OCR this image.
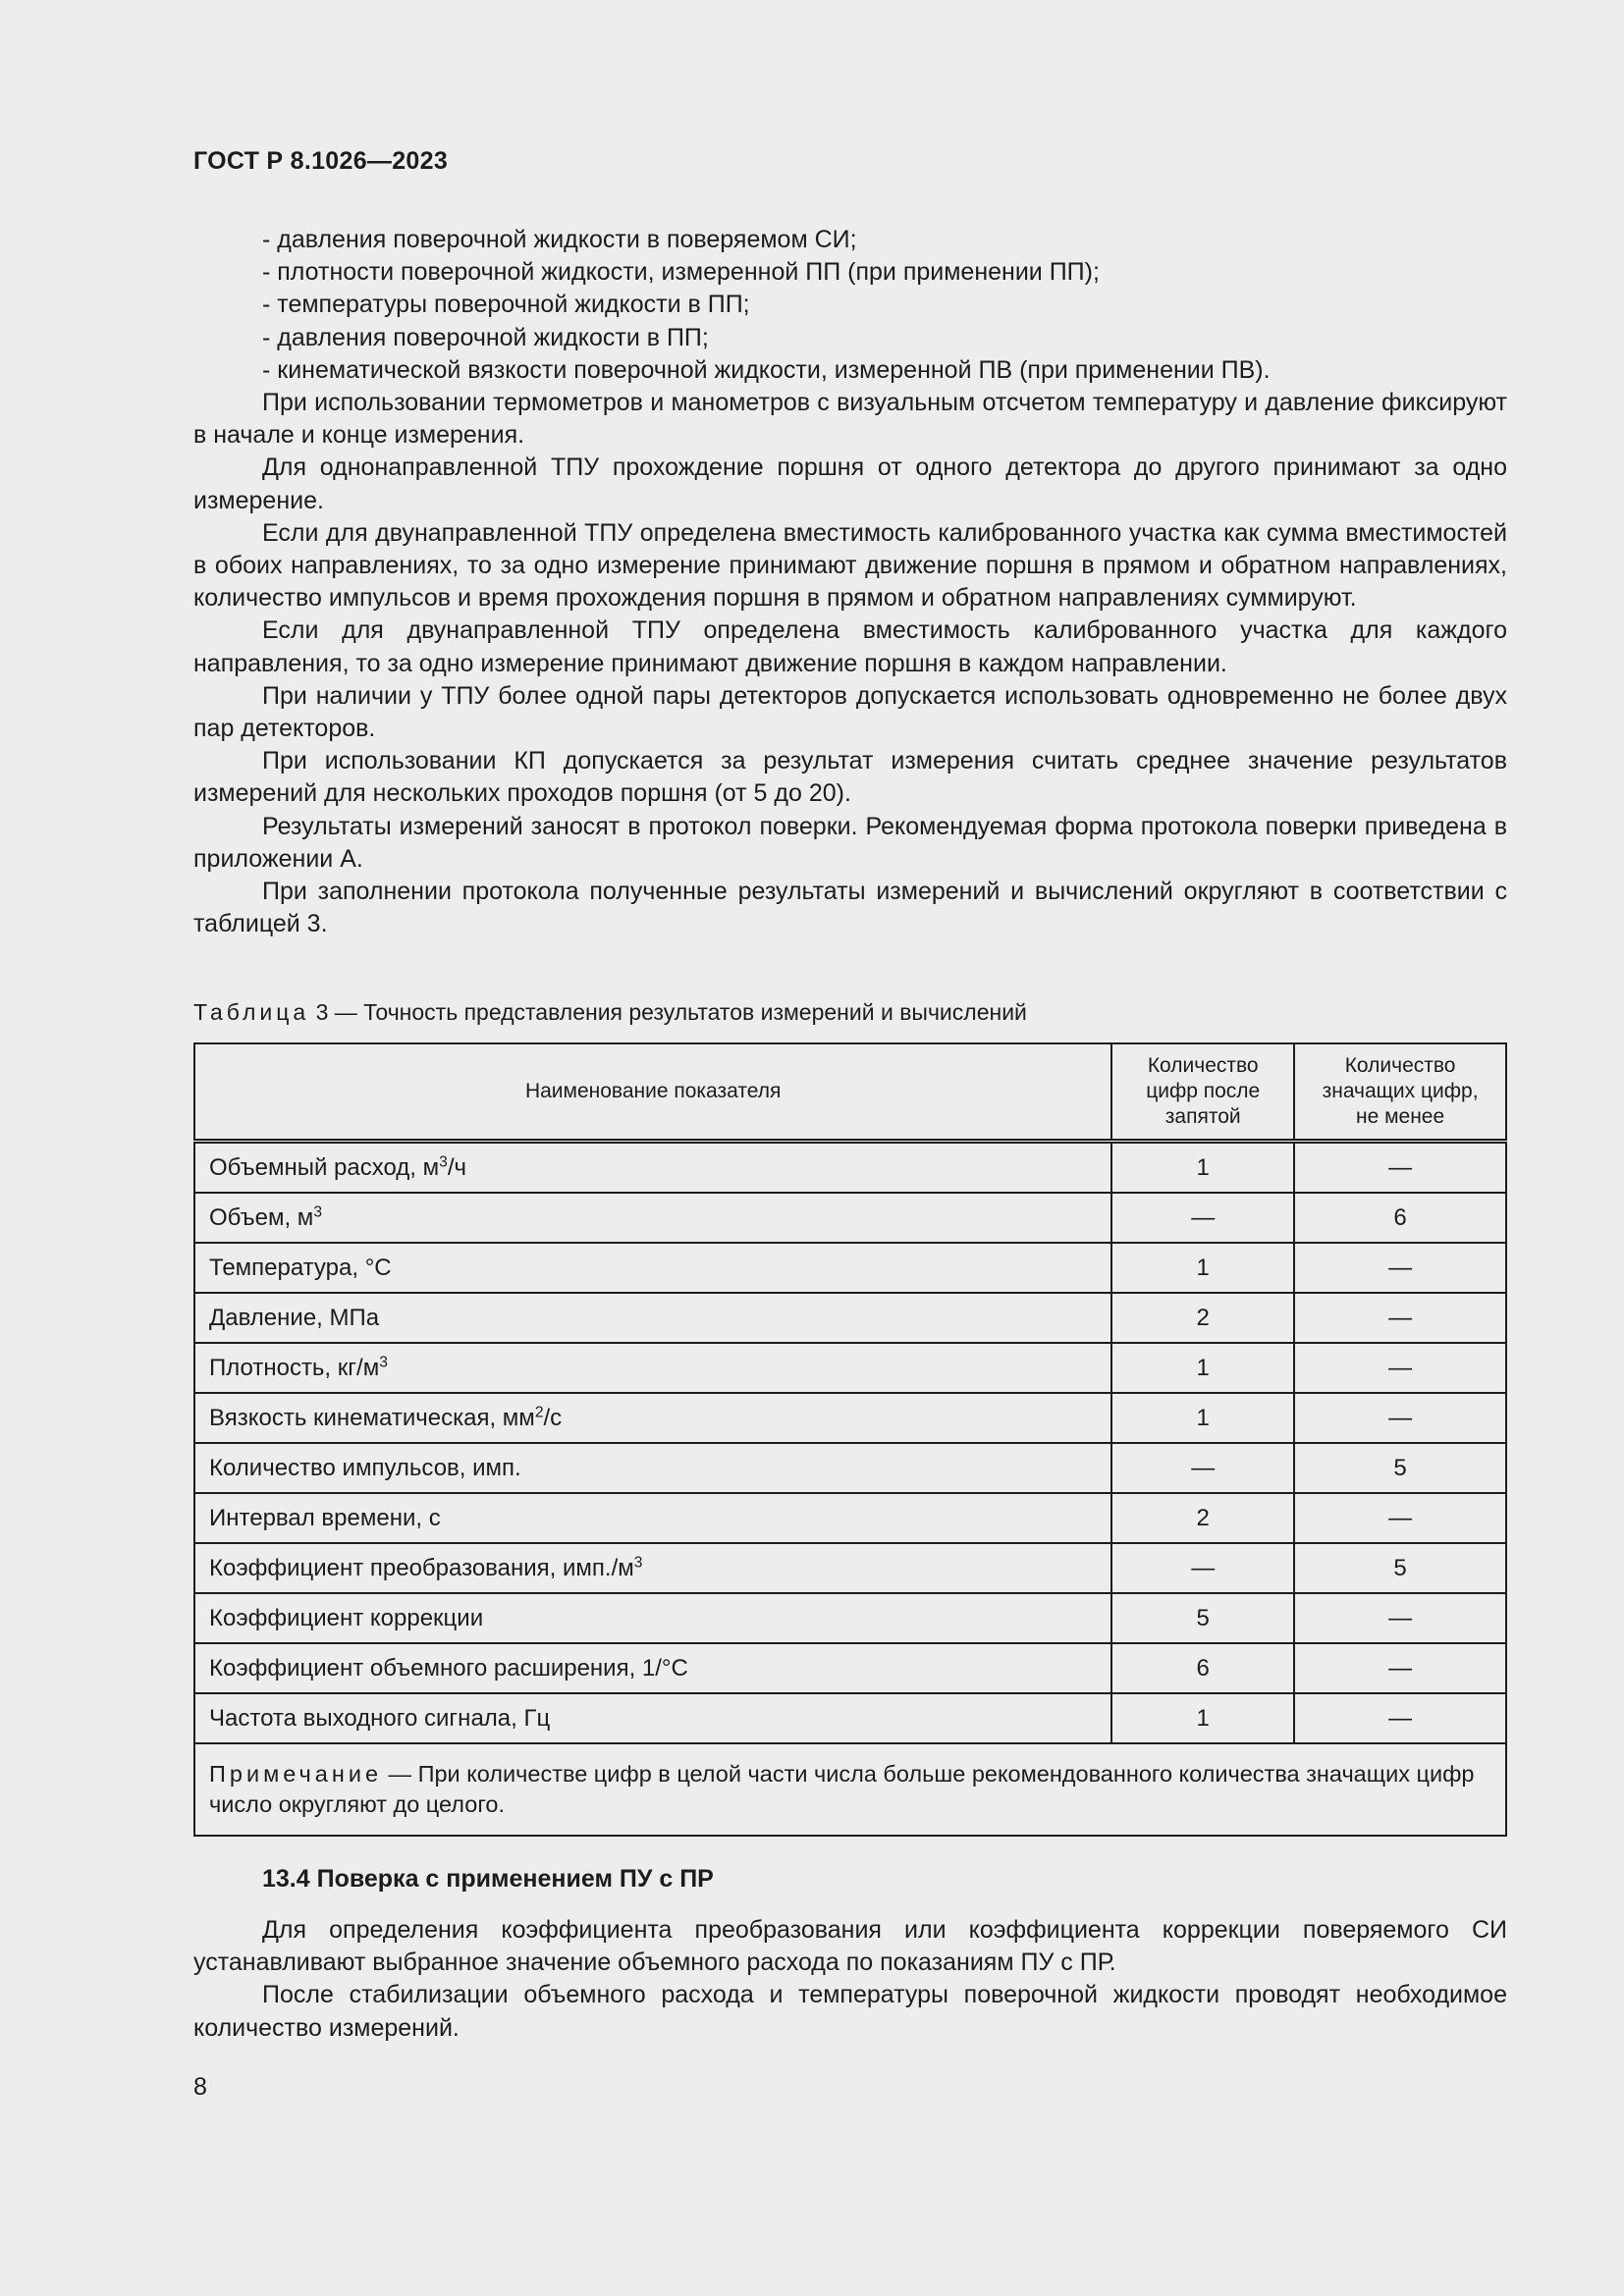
ГОСТ Р 8.1026—2023

- давления поверочной жидкости в поверяемом СИ;

- плотности поверочной жидкости, измеренной ПП (при применении ПП);

- температуры поверочной жидкости в ПП;

- давления поверочной жидкости в ПП;

- кинематической вязкости поверочной жидкости, измеренной ПВ (при применении ПВ).

При использовании термометров и манометров с визуальным отсчетом температуру и давление фиксируют в начале и конце измерения.

Для однонаправленной ТПУ прохождение поршня от одного детектора до другого принимают за одно измерение.

Если для двунаправленной ТПУ определена вместимость калиброванного участка как сумма вместимостей в обоих направлениях, то за одно измерение принимают движение поршня в прямом и обратном направлениях, количество импульсов и время прохождения поршня в прямом и обратном направлениях суммируют.

Если для двунаправленной ТПУ определена вместимость калиброванного участка для каждого направления, то за одно измерение принимают движение поршня в каждом направлении.

При наличии у ТПУ более одной пары детекторов допускается использовать одновременно не более двух пар детекторов.

При использовании КП допускается за результат измерения считать среднее значение результатов измерений для нескольких проходов поршня (от 5 до 20).

Результаты измерений заносят в протокол поверки. Рекомендуемая форма протокола поверки приведена в приложении А.

При заполнении протокола полученные результаты измерений и вычислений округляют в соответствии с таблицей 3.

Таблица 3 — Точность представления результатов измерений и вычислений
Наименование показателя	Количество цифр после запятой	Количество значащих цифр, не менее
Объемный расход, $м^3/ч$	1	—
Объем, $м^3$	—	6
Температура, °С	1	—
Давление, МПа	2	—
Плотность, $кг/м^3$	1	—
Вязкость кинематическая, $мм^2/с$	1	—
Количество импульсов, имп.	—	5
Интервал времени, с	2	—
Коэффициент преобразования, $имп./м^3$	—	5
Коэффициент коррекции	5	—
Коэффициент объемного расширения, 1/°С	6	—
Частота выходного сигнала, Гц	1	—
Примечание — При количестве цифр в целой части числа больше рекомендованного количества значащих цифр число округляют до целого.		
13.4 Поверка с применением ПУ с ПР

Для определения коэффициента преобразования или коэффициента коррекции поверяемого СИ устанавливают выбранное значение объемного расхода по показаниям ПУ с ПР.

После стабилизации объемного расхода и температуры поверочной жидкости проводят необходимое количество измерений.

8
